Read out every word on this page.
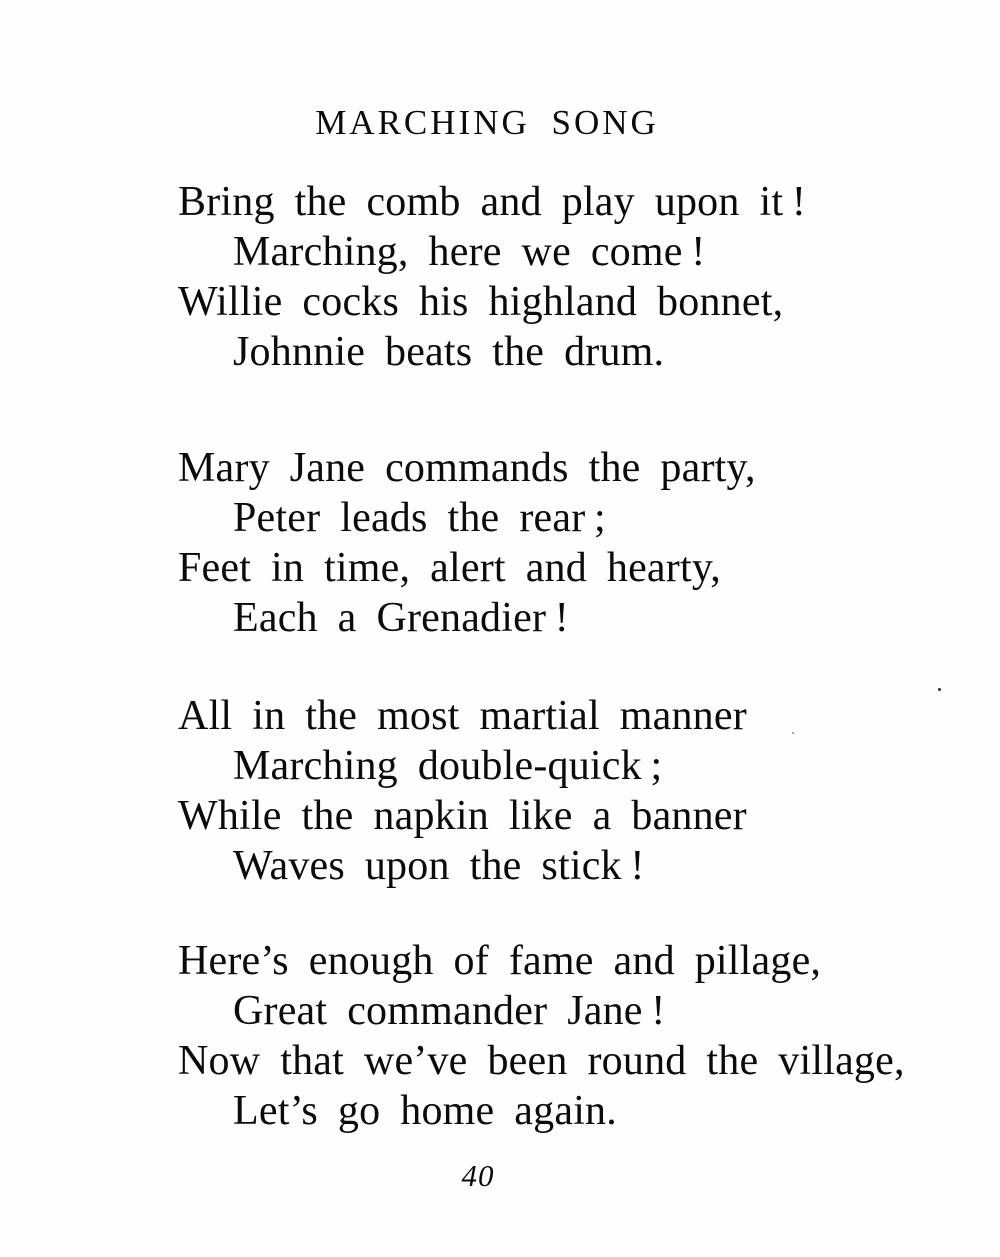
MARCHING SONG
Bring the comb and play upon it !
Marching, here we come !
Willie cocks his highland bonnet,
Johnnie beats the drum.
Mary Jane commands the party,
Peter leads the rear ;
Feet in time, alert and hearty,
Each a Grenadier !
All in the most martial manner
Marching double-quick ;
While the napkin like a banner
Waves upon the stick !
Here’s enough of fame and pillage,
Great commander Jane !
Now that we’ve been round the village,
Let’s go home again.
40
